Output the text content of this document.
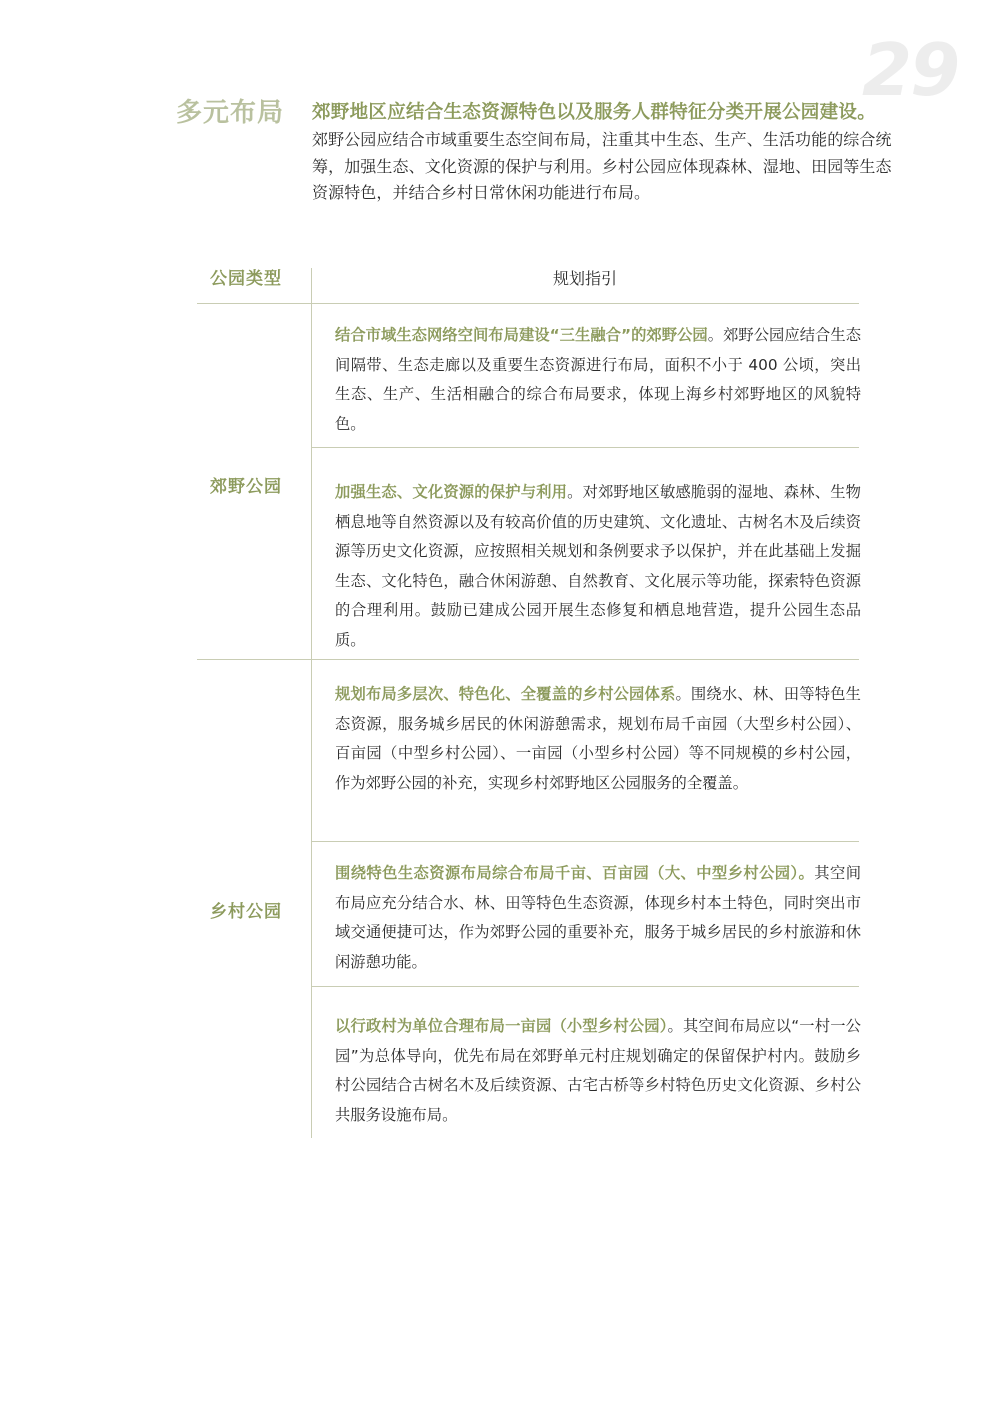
29
多元布局 郊野地区应结合生态资源特色以及服务人群特征分类开展公园建设。
郊野公园应结合市域重要生态空间布局，注重其中生态、生产、生活功能的综合统筹，加强生态、文化资源的保护与利用。乡村公园应体现森林、湿地、田园等生态资源特色，并结合乡村日常休闲功能进行布局。
公园类型	规划指引
郊野公园
结合市域生态网络空间布局建设“三生融合”的郊野公园。郊野公园应结合生态间隔带、生态走廊以及重要生态资源进行布局，面积不小于 400 公顷，突出生态、生产、生活相融合的综合布局要求，体现上海乡村郊野地区的风貌特色。
加强生态、文化资源的保护与利用。对郊野地区敏感脆弱的湿地、森林、生物栖息地等自然资源以及有较高价值的历史建筑、文化遗址、古树名木及后续资源等历史文化资源，应按照相关规划和条例要求予以保护，并在此基础上发掘生态、文化特色，融合休闲游憩、自然教育、文化展示等功能，探索特色资源的合理利用。鼓励已建成公园开展生态修复和栖息地营造，提升公园生态品质。
乡村公园
规划布局多层次、特色化、全覆盖的乡村公园体系。围绕水、林、田等特色生态资源，服务城乡居民的休闲游憩需求，规划布局千亩园（大型乡村公园）、百亩园（中型乡村公园）、一亩园（小型乡村公园）等不同规模的乡村公园，作为郊野公园的补充，实现乡村郊野地区公园服务的全覆盖。
围绕特色生态资源布局综合布局千亩、百亩园（大、中型乡村公园）。其空间布局应充分结合水、林、田等特色生态资源，体现乡村本土特色，同时突出市域交通便捷可达，作为郊野公园的重要补充，服务于城乡居民的乡村旅游和休闲游憩功能。
以行政村为单位合理布局一亩园（小型乡村公园）。其空间布局应以“一村一公园”为总体导向，优先布局在郊野单元村庄规划确定的保留保护村内。鼓励乡村公园结合古树名木及后续资源、古宅古桥等乡村特色历史文化资源、乡村公共服务设施布局。
